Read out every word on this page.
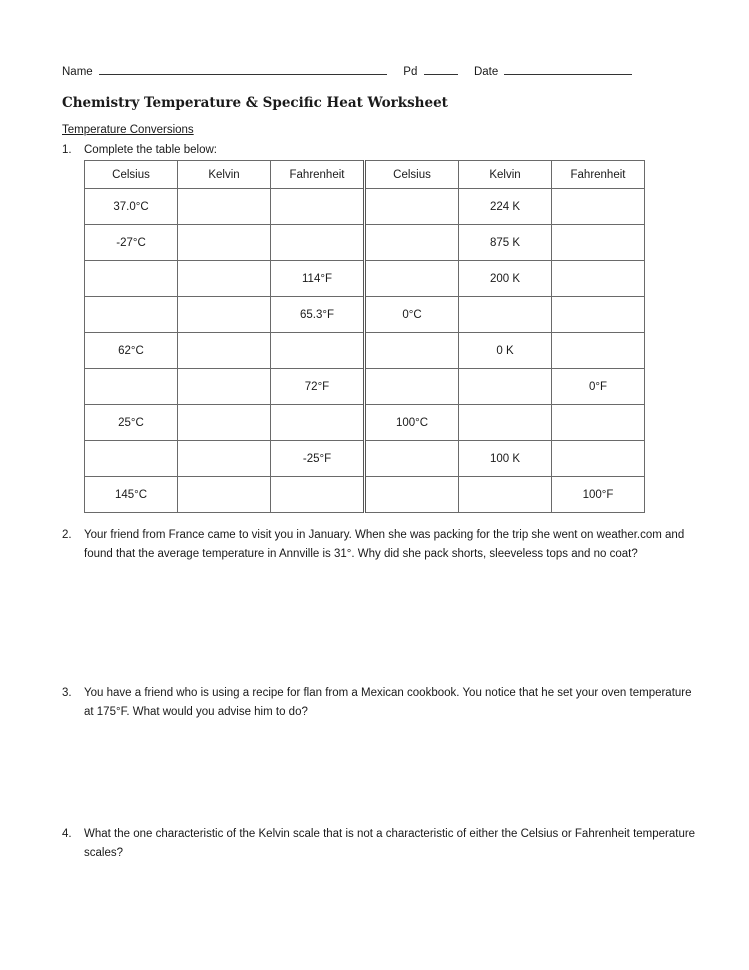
Name	Pd	Date
Chemistry Temperature & Specific Heat Worksheet
Temperature Conversions
1. Complete the table below:
Celsius	Kelvin	Fahrenheit	Celsius	Kelvin	Fahrenheit
37.0°C				224 K	
-27°C				875 K	
		114°F		200 K	
		65.3°F	0°C		
62°C				0 K	
		72°F			0°F
25°C			100°C		
		-25°F		100 K	
145°C					100°F
2. Your friend from France came to visit you in January. When she was packing for the trip she went on weather.com and found that the average temperature in Annville is 31°. Why did she pack shorts, sleeveless tops and no coat?
3. You have a friend who is using a recipe for flan from a Mexican cookbook. You notice that he set your oven temperature at 175°F. What would you advise him to do?
4. What the one characteristic of the Kelvin scale that is not a characteristic of either the Celsius or Fahrenheit temperature scales?
